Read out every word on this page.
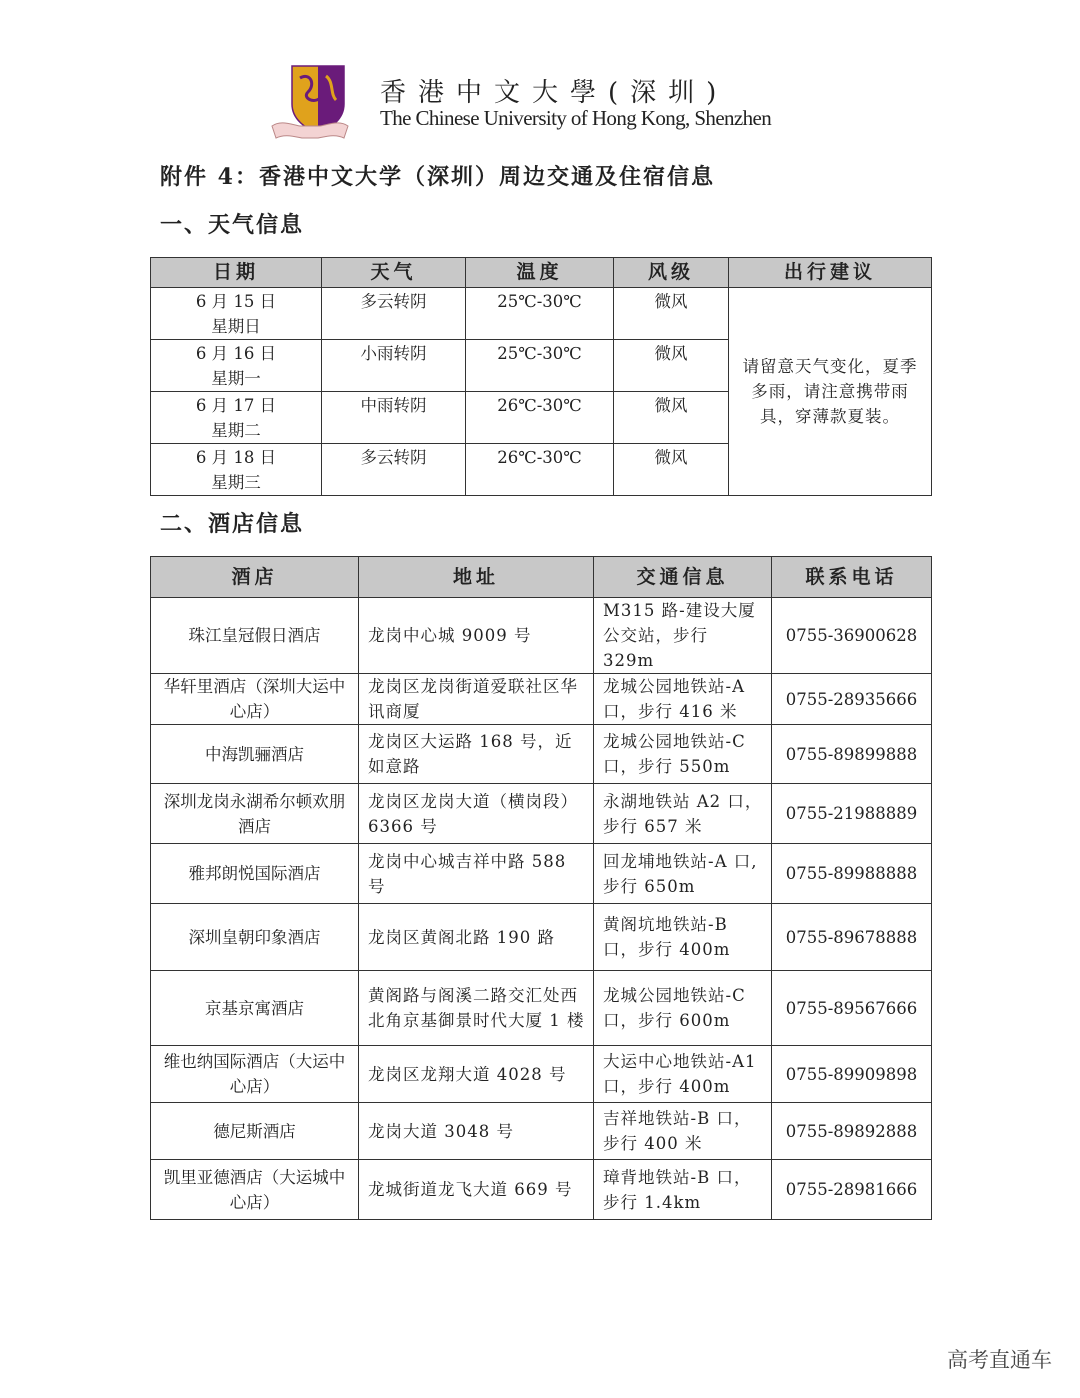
香港中文大學(深圳)
The Chinese University of Hong Kong, Shenzhen
附件 4：香港中文大学（深圳）周边交通及住宿信息
一、天气信息
日期	天气	温度	风级	出行建议

6 月 15 日
星期日	多云转阴	25℃-30℃	微风	请留意天气变化，夏季多雨，请注意携带雨具，穿薄款夏装。

6 月 16 日
星期一	小雨转阴	25℃-30℃	微风	

6 月 17 日
星期二	中雨转阴	26℃-30℃	微风	

6 月 18 日
星期三	多云转阴	26℃-30℃	微风	
二、酒店信息
酒店	地址	交通信息	联系电话
珠江皇冠假日酒店	龙岗中心城 9009 号	M315 路-建设大厦公交站，步行 329m	0755-36900628
华轩里酒店（深圳大运中心店）	龙岗区龙岗街道爱联社区华讯商厦	龙城公园地铁站-A 口，步行 416 米	0755-28935666
中海凯骊酒店	龙岗区大运路 168 号，近如意路	龙城公园地铁站-C 口，步行 550m	0755-89899888
深圳龙岗永湖希尔顿欢朋酒店	龙岗区龙岗大道（横岗段）6366 号	永湖地铁站 A2 口，步行 657 米	0755-21988889
雅邦朗悦国际酒店	龙岗中心城吉祥中路 588 号	回龙埔地铁站-A 口,步行 650m	0755-89988888
深圳皇朝印象酒店	龙岗区黄阁北路 190 路	黄阁坑地铁站-B 口，步行 400m	0755-89678888
京基京寓酒店	黄阁路与阁溪二路交汇处西北角京基御景时代大厦 1 楼	龙城公园地铁站-C 口，步行 600m	0755-89567666
维也纳国际酒店（大运中心店）	龙岗区龙翔大道 4028 号	大运中心地铁站-A1 口，步行 400m	0755-89909898
德尼斯酒店	龙岗大道 3048 号	吉祥地铁站-B 口，步行 400 米	0755-89892888
凯里亚德酒店（大运城中心店）	龙城街道龙飞大道 669 号	璋背地铁站-B 口，步行 1.4km	0755-28981666
高考直通车
